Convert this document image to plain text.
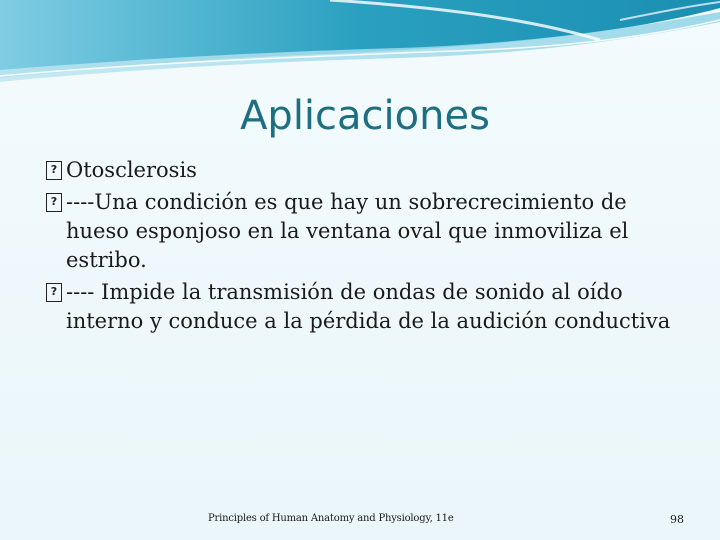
Aplicaciones
?
Otosclerosis
?
----Una condición es que hay un sobrecrecimiento de hueso esponjoso en la ventana oval que inmoviliza el estribo.
?
---- Impide la transmisión de ondas de sonido al oído interno y conduce a la pérdida de la audición conductiva
Principles of Human Anatomy and Physiology, 11e	98
